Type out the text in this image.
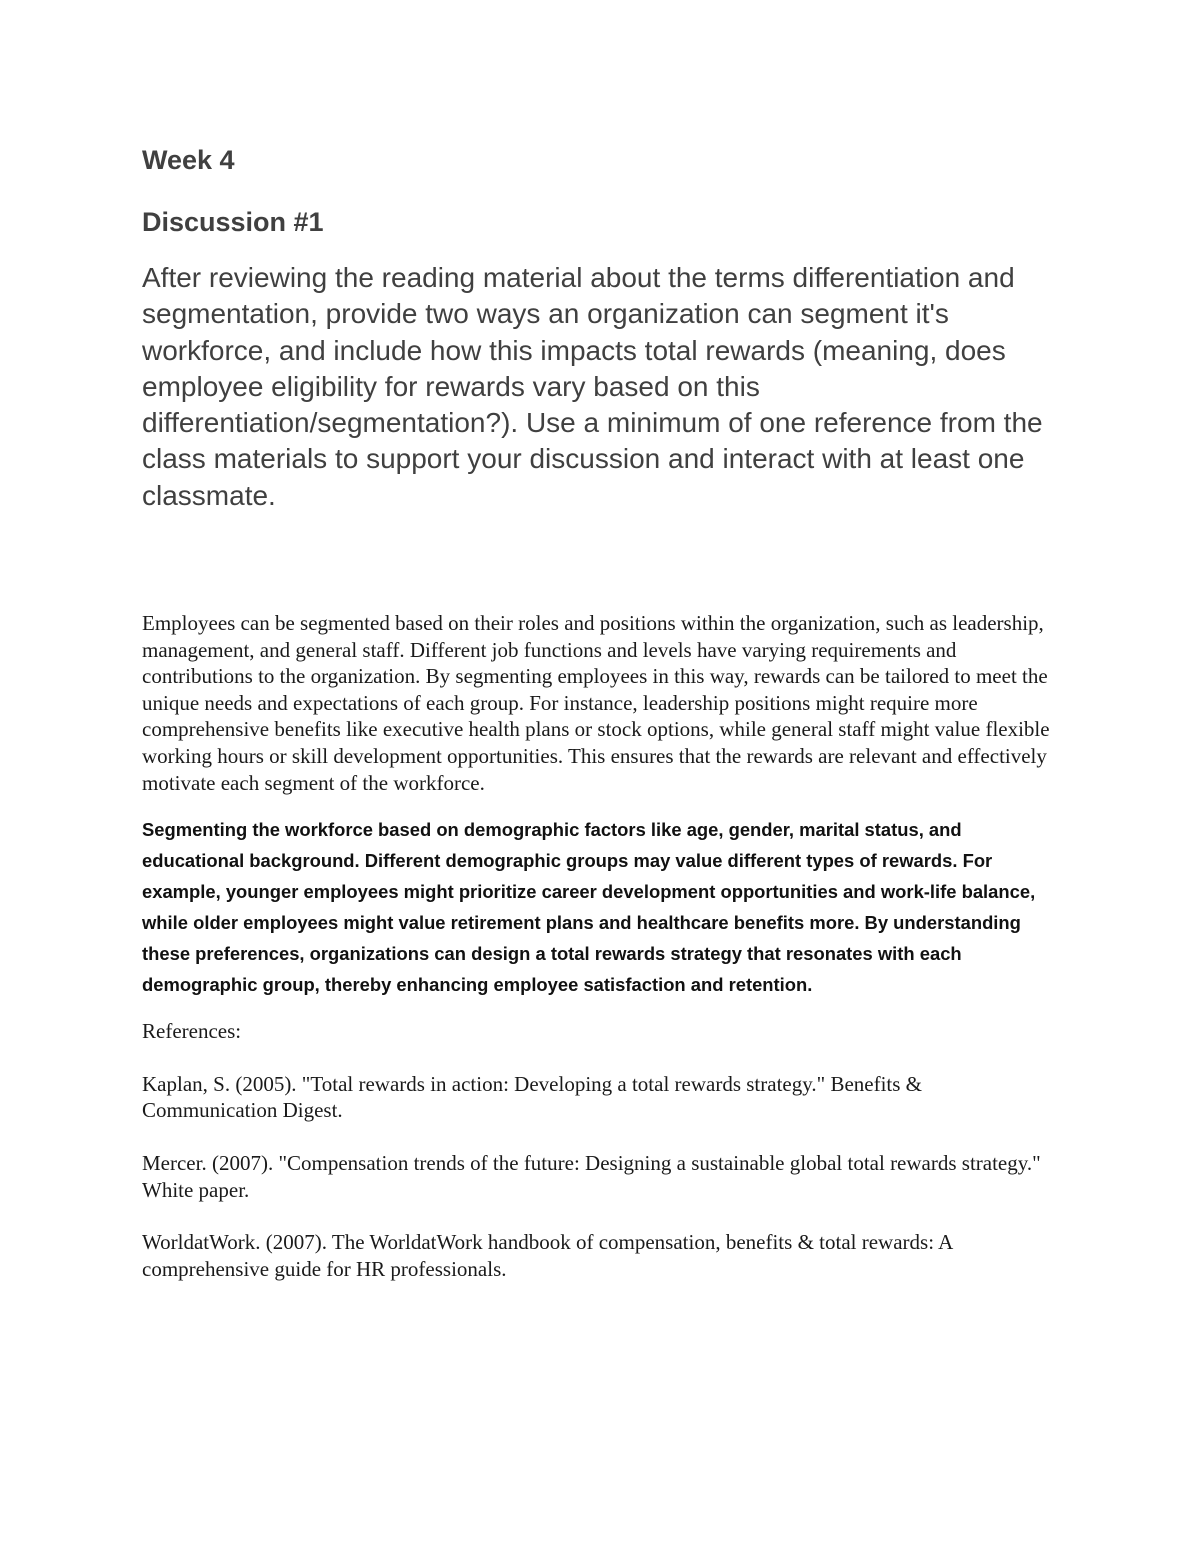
Week 4
Discussion #1

After reviewing the reading material about the terms differentiation and segmentation, provide two ways an organization can segment it's workforce, and include how this impacts total rewards (meaning, does employee eligibility for rewards vary based on this differentiation/segmentation?). Use a minimum of one reference from the class materials to support your discussion and interact with at least one classmate.

Employees can be segmented based on their roles and positions within the organization, such as leadership, management, and general staff. Different job functions and levels have varying requirements and contributions to the organization. By segmenting employees in this way, rewards can be tailored to meet the unique needs and expectations of each group. For instance, leadership positions might require more comprehensive benefits like executive health plans or stock options, while general staff might value flexible working hours or skill development opportunities. This ensures that the rewards are relevant and effectively motivate each segment of the workforce.

Segmenting the workforce based on demographic factors like age, gender, marital status, and educational background. Different demographic groups may value different types of rewards. For example, younger employees might prioritize career development opportunities and work-life balance, while older employees might value retirement plans and healthcare benefits more. By understanding these preferences, organizations can design a total rewards strategy that resonates with each demographic group, thereby enhancing employee satisfaction and retention.

References:

Kaplan, S. (2005). "Total rewards in action: Developing a total rewards strategy." Benefits & Communication Digest.

Mercer. (2007). "Compensation trends of the future: Designing a sustainable global total rewards strategy." White paper.

WorldatWork. (2007). The WorldatWork handbook of compensation, benefits & total rewards: A comprehensive guide for HR professionals.
